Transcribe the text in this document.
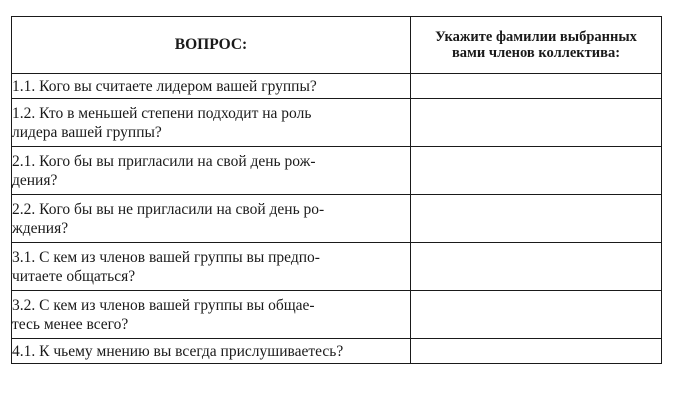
ВОПРОС:	Укажите фамилии выбранных
вами членов коллектива:

1.1. Кого вы считаете лидером вашей группы?	

1.2. Кто в меньшей степени подходит на роль
лидера вашей группы?	

2.1. Кого бы вы пригласили на свой день рож-
дения?	

2.2. Кого бы вы не пригласили на свой день ро-
ждения?	

3.1. С кем из членов вашей группы вы предпо-
читаете общаться?	

3.2. С кем из членов вашей группы вы общае-
тесь менее всего?	

4.1. К чьему мнению вы всегда прислушиваетесь?	
